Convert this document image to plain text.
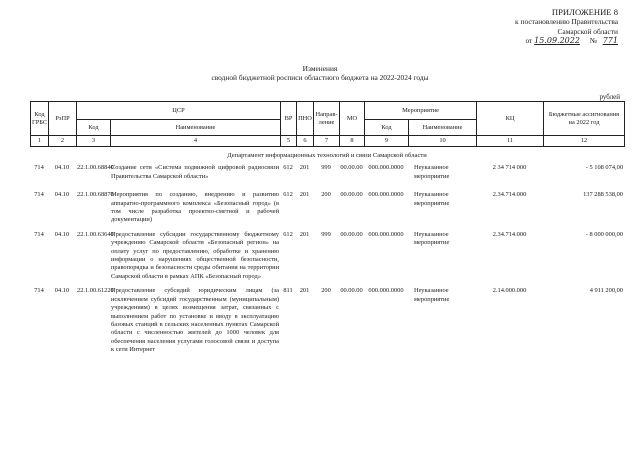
ПРИЛОЖЕНИЕ 8
к постановлению Правительства
Самарской области
от 15.09.2022 № 771
Изменения
сводной бюджетной росписи областного бюджета на 2022-2024 годы
рублей
Код ГРБС	РзПР	ЦСР		ВР	ПНО	Направ-ление	МО	Мероприятие		КЦ	Бюджетные ассигнования на 2022 год
		Код	Наименование					Код	Наименование		
1	2	3	4	5	6	7	8	9	10	11	12
Департамент информационных технологий и связи Самарской области											
714	04.10	22.1.00.68840	Создание сети «Система подвижной цифровой радиосвязи Правительства Самарской области»	612	201	999	00.00.00	000.000.0000	Неуказанное мероприятие	2 34 714 000	- 5 108 074,00

714	04.10	22.1.00.68870	Мероприятия по созданию, внедрению и развитию аппаратно-программного комплекса «Безопасный город» (в том числе разработка проектно-сметной и рабочей документации)	612	201	200	00.00.00	000.000.0000	Неуказанное мероприятие	2.34.714.000	137 288 538,00

714	04.10	22.1.00.63640	Предоставление субсидии государственному бюджетному учреждению Самарской области «Безопасный регион» на оплату услуг по предоставлению, обработке и хранению информации о нарушениях общественной безопасности, правопорядка и безопасности среды обитания на территории Самарской области в рамках АПК «Безопасный город»	612	201	999	00.00.00	000.000.0000	Неуказанное мероприятие	2.34.714.000	- 8 000 000,00

714	04.10	22.1.00.61220	Предоставление субсидий юридическим лицам (за исключением субсидий государственным (муниципальным) учреждениям) в целях возмещения затрат, связанных с выполнением работ по установке и вводу в эксплуатацию базовых станций в сельских населенных пунктах Самарской области с численностью жителей до 1000 человек для обеспечения населения услугами голосовой связи и доступа к сети Интернет	811	201	200	00.00.00	000.000.0000	Неуказанное мероприятие	2.14.000.000	4 911 200,00
